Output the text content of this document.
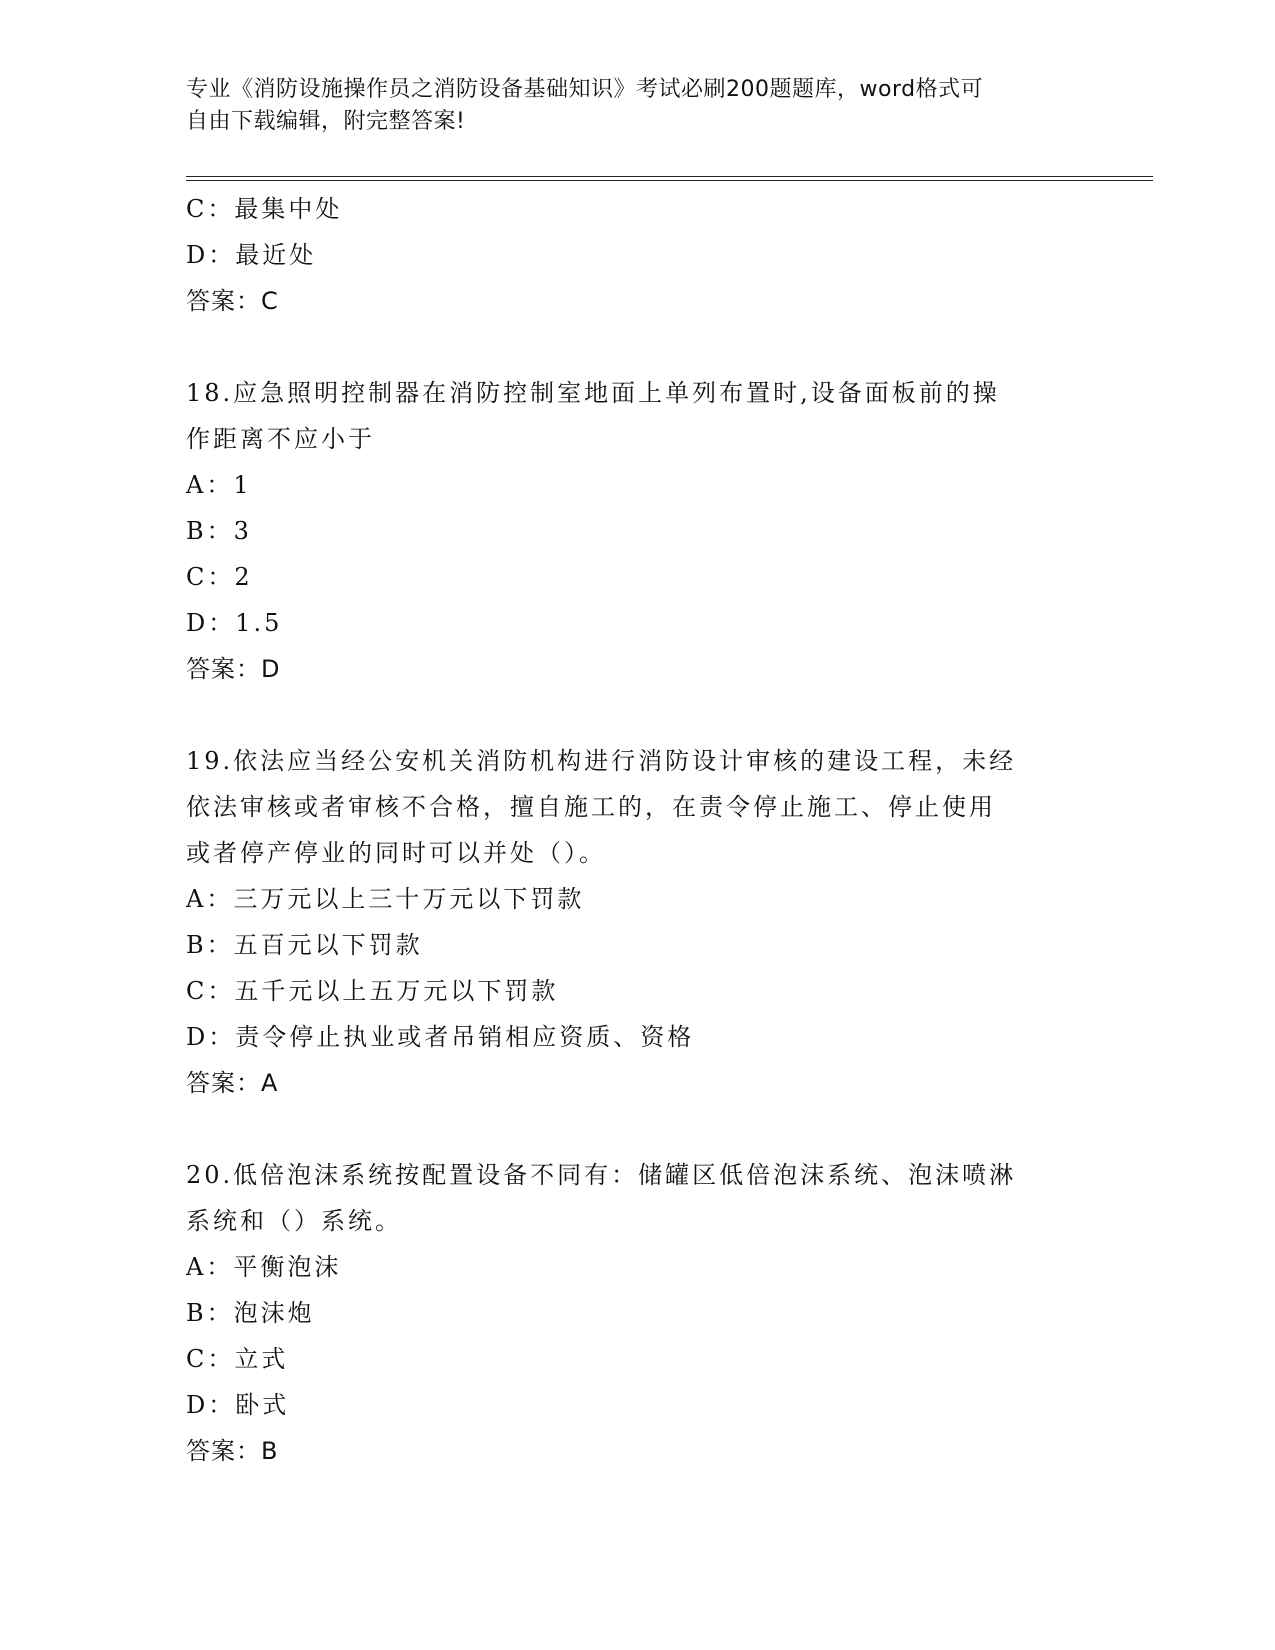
专业《消防设施操作员之消防设备基础知识》考试必刷200题题库，word格式可
自由下载编辑，附完整答案!
C：最集中处
D：最近处
答案：C
18.应急照明控制器在消防控制室地面上单列布置时,设备面板前的操
作距离不应小于
A：1
B：3
C：2
D：1.5
答案：D
19.依法应当经公安机关消防机构进行消防设计审核的建设工程，未经
依法审核或者审核不合格，擅自施工的，在责令停止施工、停止使用
或者停产停业的同时可以并处（）。
A：三万元以上三十万元以下罚款
B：五百元以下罚款
C：五千元以上五万元以下罚款
D：责令停止执业或者吊销相应资质、资格
答案：A
20.低倍泡沫系统按配置设备不同有：储罐区低倍泡沫系统、泡沫喷淋
系统和（）系统。
A：平衡泡沫
B：泡沫炮
C：立式
D：卧式
答案：B
